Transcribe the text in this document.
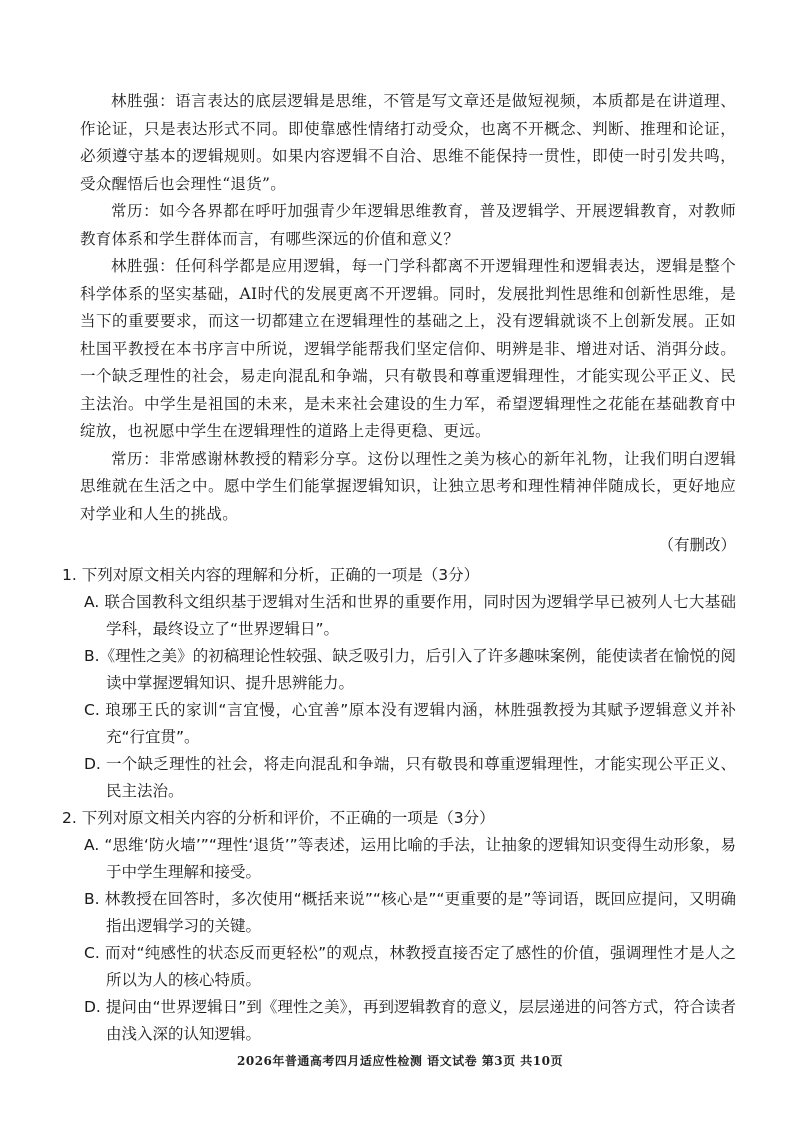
林胜强：语言表达的底层逻辑是思维，不管是写文章还是做短视频，本质都是在讲道理、作论证，只是表达形式不同。即使靠感性情绪打动受众，也离不开概念、判断、推理和论证，必须遵守基本的逻辑规则。如果内容逻辑不自洽、思维不能保持一贯性，即使一时引发共鸣，受众醒悟后也会理性“退货”。

常历：如今各界都在呼吁加强青少年逻辑思维教育，普及逻辑学、开展逻辑教育，对教师教育体系和学生群体而言，有哪些深远的价值和意义？

林胜强：任何科学都是应用逻辑，每一门学科都离不开逻辑理性和逻辑表达，逻辑是整个科学体系的坚实基础，AI时代的发展更离不开逻辑。同时，发展批判性思维和创新性思维，是当下的重要要求，而这一切都建立在逻辑理性的基础之上，没有逻辑就谈不上创新发展。正如杜国平教授在本书序言中所说，逻辑学能帮我们坚定信仰、明辨是非、增进对话、消弭分歧。一个缺乏理性的社会，易走向混乱和争端，只有敬畏和尊重逻辑理性，才能实现公平正义、民主法治。中学生是祖国的未来，是未来社会建设的生力军，希望逻辑理性之花能在基础教育中绽放，也祝愿中学生在逻辑理性的道路上走得更稳、更远。

常历：非常感谢林教授的精彩分享。这份以理性之美为核心的新年礼物，让我们明白逻辑思维就在生活之中。愿中学生们能掌握逻辑知识，让独立思考和理性精神伴随成长，更好地应对学业和人生的挑战。

（有删改）

1. 下列对原文相关内容的理解和分析，正确的一项是（3分）

A. 联合国教科文组织基于逻辑对生活和世界的重要作用，同时因为逻辑学早已被列人七大基础学科，最终设立了“世界逻辑日”。

B.《理性之美》的初稿理论性较强、缺乏吸引力，后引入了许多趣味案例，能使读者在愉悦的阅读中掌握逻辑知识、提升思辨能力。

C. 琅琊王氏的家训“言宜慢，心宜善”原本没有逻辑内涵，林胜强教授为其赋予逻辑意义并补充“行宜贯”。

D. 一个缺乏理性的社会，将走向混乱和争端，只有敬畏和尊重逻辑理性，才能实现公平正义、民主法治。

2. 下列对原文相关内容的分析和评价，不正确的一项是（3分）

A. “思维‘防火墙’”“理性‘退货’”等表述，运用比喻的手法，让抽象的逻辑知识变得生动形象，易于中学生理解和接受。

B. 林教授在回答时，多次使用“概括来说”“核心是”“更重要的是”等词语，既回应提问，又明确指出逻辑学习的关键。

C. 而对“纯感性的状态反而更轻松”的观点，林教授直接否定了感性的价值，强调理性才是人之所以为人的核心特质。

D. 提问由“世界逻辑日”到《理性之美》，再到逻辑教育的意义，层层递进的问答方式，符合读者由浅入深的认知逻辑。

2026年普通高考四月适应性检测 语文试卷 第3页 共10页
